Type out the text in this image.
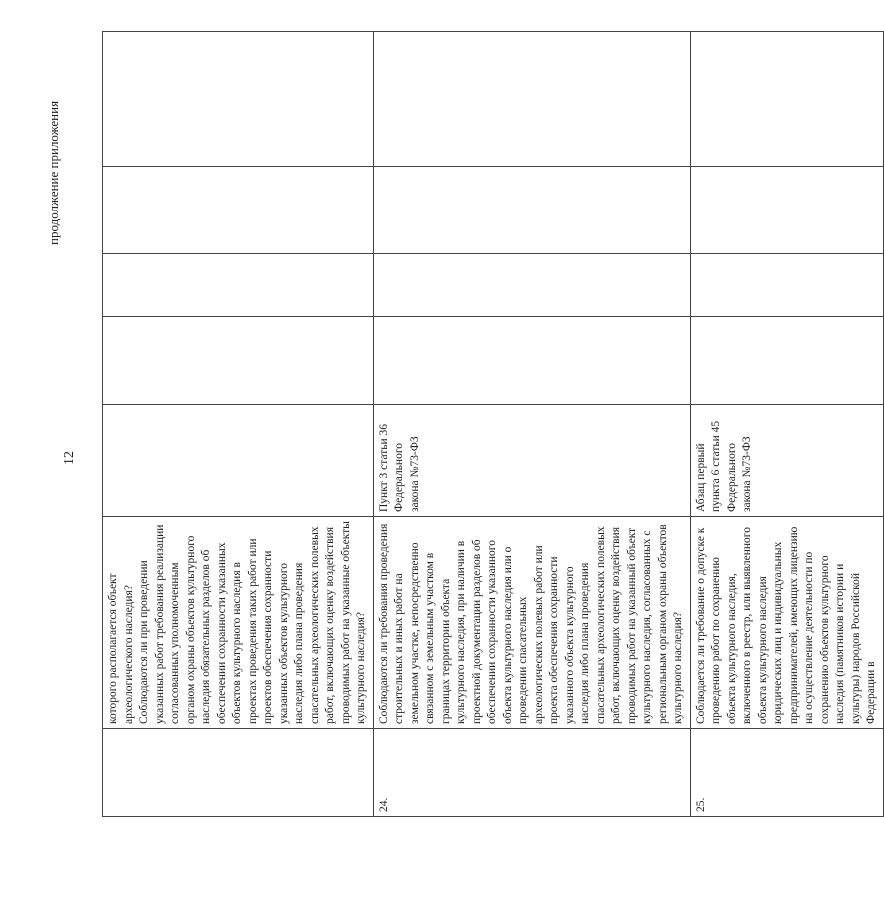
продолжение приложения
12

	которого располагается объект археологического наследия?
Соблюдаются ли при проведении указанных работ требования реализации согласованных уполномоченным органом охраны объектов культурного наследия обязательных разделов об обеспечении сохранности указанных объектов культурного наследия в проектах проведения таких работ или проектов обеспечения сохранности указанных объектов культурного наследия либо плана проведения спасательных археологических полевых работ, включающих оценку воздействия проводимых работ на указанные объекты культурного наследия?					

24.	Соблюдаются ли требования проведения строительных и иных работ на земельном участке, непосредственно связанном с земельным участком в границах территории объекта культурного наследия, при наличии в проектной документации разделов об обеспечении сохранности указанного объекта культурного наследия или о проведении спасательных археологических полевых работ или проекта обеспечения сохранности указанного объекта культурного наследия либо плана проведения спасательных археологических полевых работ, включающих оценку воздействия проводимых работ на указанный объект культурного наследия, согласованных с региональным органом охраны объектов культурного наследия?	Пункт 3 статьи 36 Федерального закона №73-ФЗ				
25.	Соблюдается ли требование о допуске к проведению работ по сохранению объекта культурного наследия, включенного в реестр, или выявленного объекта культурного наследия юридических лиц и индивидуальных предпринимателей, имеющих лицензию на осуществление деятельности по сохранению объектов культурного наследия (памятников истории и культуры) народов Российской Федерации в	Абзац первый пункта 6 статьи 45 Федерального закона №73-ФЗ				
